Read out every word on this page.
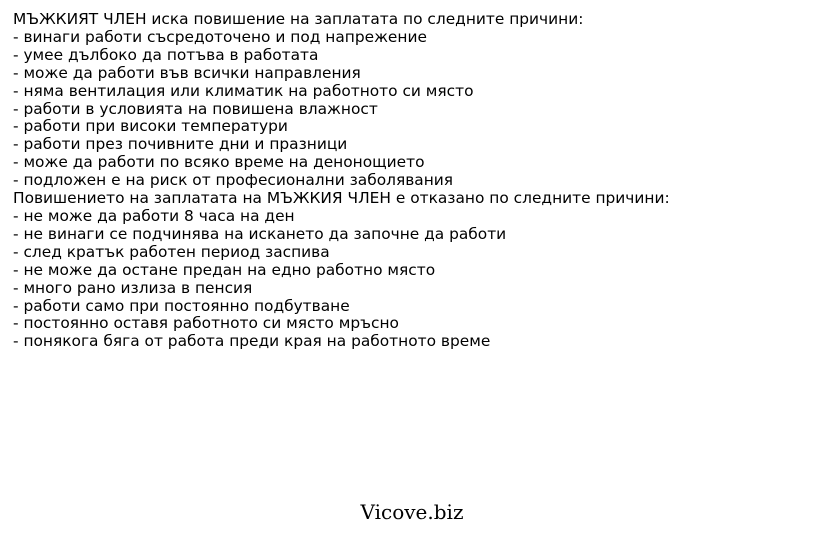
МЪЖКИЯТ ЧЛЕН иска повишение на заплатата по следните причини:
- винаги работи съсредоточено и под напрежение
- умее дълбоко да потъва в работата
- може да работи във всички направления
- няма вентилация или климатик на работното си място
- работи в условията на повишена влажност
- работи при високи температури
- работи през почивните дни и празници
- може да работи по всяко време на денонощието
- подложен е на риск от професионални заболявания
Повишението на заплатата на МЪЖКИЯ ЧЛЕН е отказано по следните причини:
- не може да работи 8 часа на ден
- не винаги се подчинява на искането да започне да работи
- след кратък работен период заспива
- не може да остане предан на едно работно място
- много рано излиза в пенсия
- работи само при постоянно подбутване
- постоянно оставя работното си място мръсно
- понякога бяга от работа преди края на работното време
Vicove.biz
